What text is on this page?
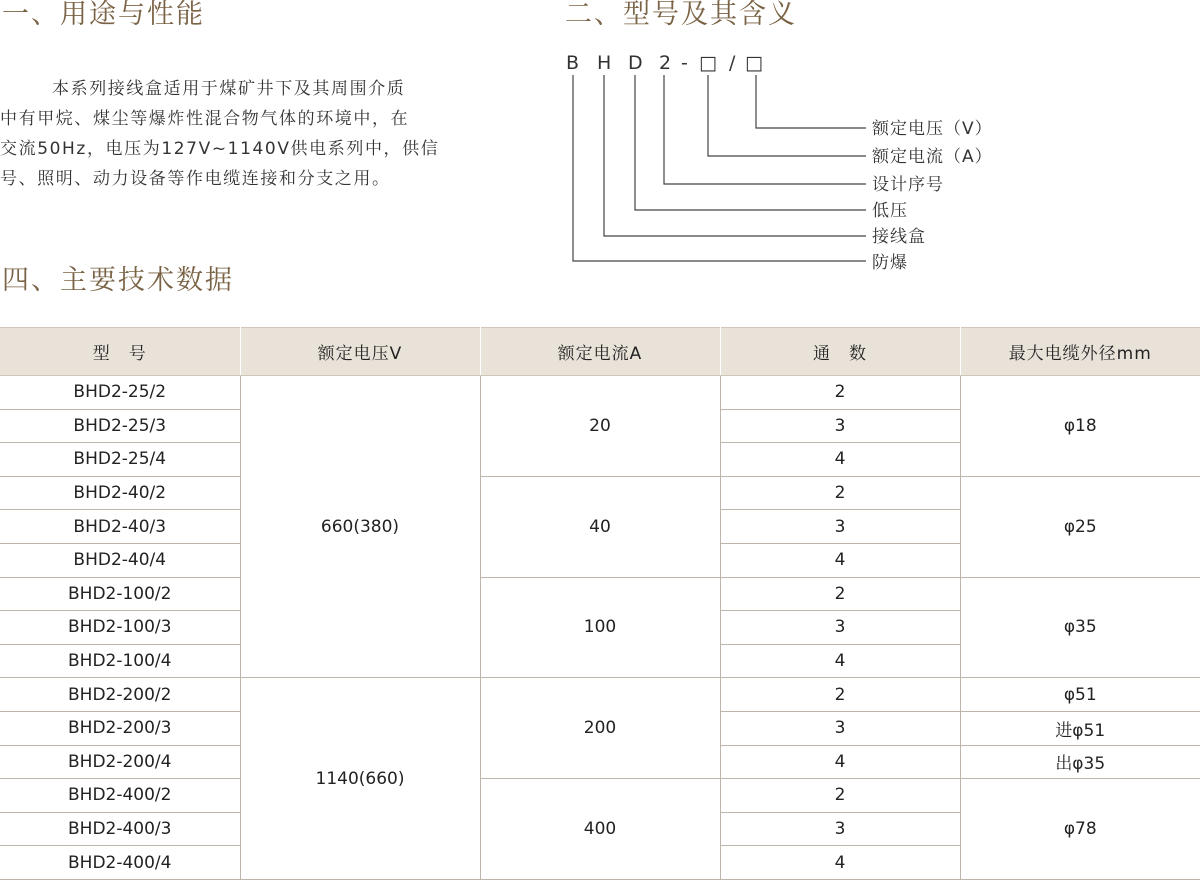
一、用途与性能
本系列接线盒适用于煤矿井下及其周围介质
中有甲烷、煤尘等爆炸性混合物气体的环境中，在
交流50Hz，电压为127V~1140V供电系列中，供信
号、照明、动力设备等作电缆连接和分支之用。
二、型号及其含义
B H D 2 - □ / □
额定电压（V）
额定电流（A）
设计序号
低压
接线盒
防爆
四、主要技术数据
型　号	额定电压V	额定电流A	通　数	最大电缆外径mm
BHD2-25/2	660(380)	20	2	φ18
BHD2-25/3			3	
BHD2-25/4			4	
BHD2-40/2		40	2	φ25
BHD2-40/3			3	
BHD2-40/4			4	
BHD2-100/2		100	2	φ35
BHD2-100/3			3	
BHD2-100/4			4	
BHD2-200/2	1140(660)	200	2	φ51
BHD2-200/3			3	进φ51
BHD2-200/4			4	出φ35
BHD2-400/2		400	2	φ78
BHD2-400/3			3	
BHD2-400/4			4	
